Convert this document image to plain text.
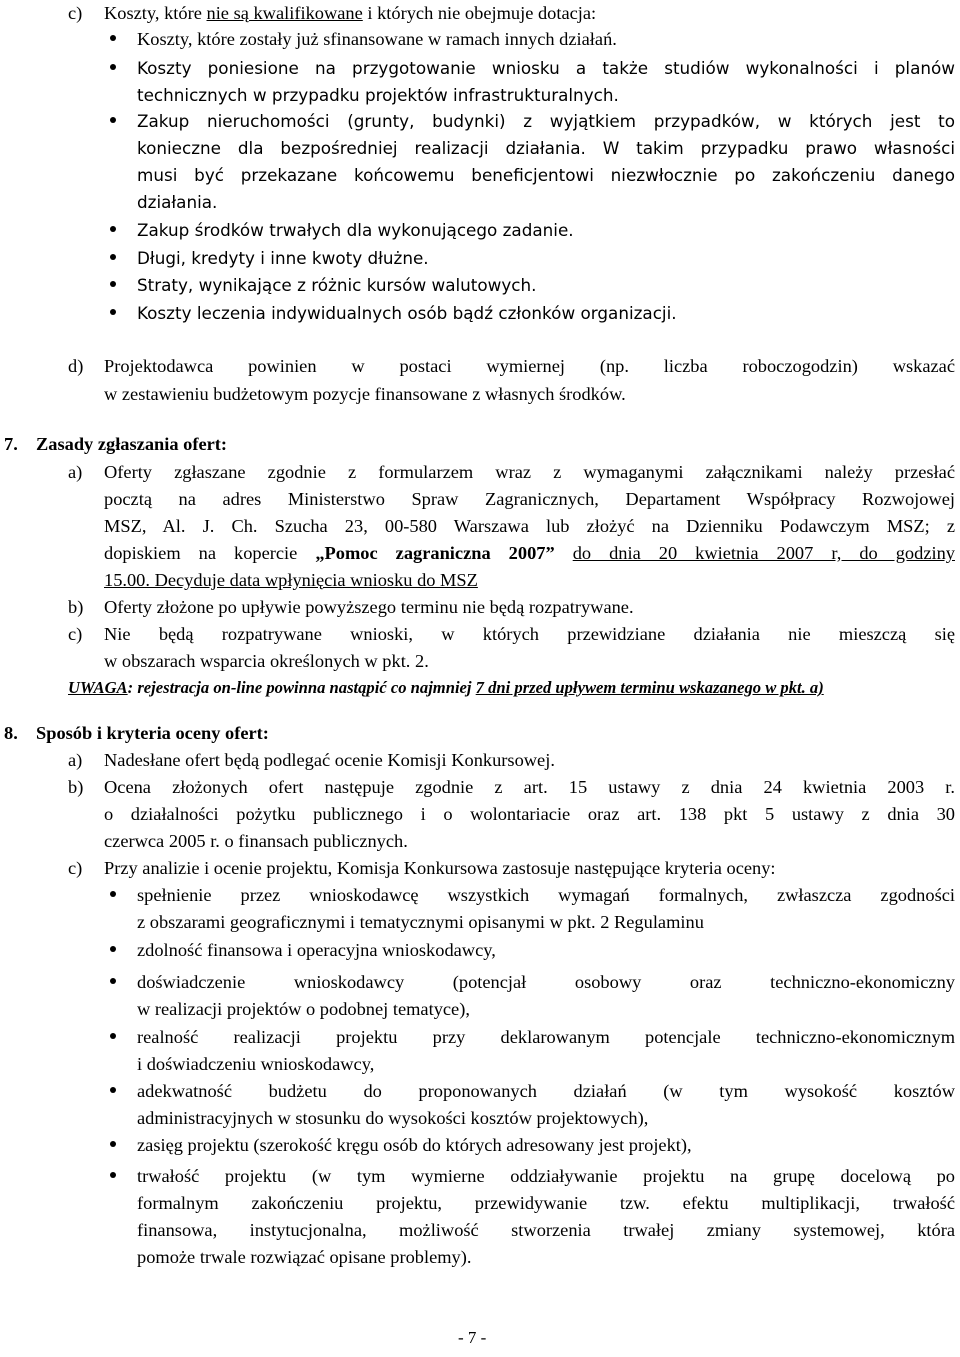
c) Koszty, które nie są kwalifikowane i których nie obejmuje dotacja:
Koszty, które zostały już sfinansowane w ramach innych działań.
Koszty poniesione na przygotowanie wniosku a także studiów wykonalności i planów
technicznych w przypadku projektów infrastrukturalnych.
Zakup nieruchomości (grunty, budynki) z wyjątkiem przypadków, w których jest to
konieczne dla bezpośredniej realizacji działania. W takim przypadku prawo własności
musi być przekazane końcowemu beneficjentowi niezwłocznie po zakończeniu danego
działania.
Zakup środków trwałych dla wykonującego zadanie.
Długi, kredyty i inne kwoty dłużne.
Straty, wynikające z różnic kursów walutowych.
Koszty leczenia indywidualnych osób bądź członków organizacji.
d) Projektodawca powinien w postaci wymiernej (np. liczba roboczogodzin) wskazać
w zestawieniu budżetowym pozycje finansowane z własnych środków.
7. Zasady zgłaszania ofert:
a) Oferty zgłaszane zgodnie z formularzem wraz z wymaganymi załącznikami należy przesłać
pocztą na adres Ministerstwo Spraw Zagranicznych, Departament Współpracy Rozwojowej
MSZ, Al. J. Ch. Szucha 23, 00-580 Warszawa lub złożyć na Dzienniku Podawczym MSZ; z
dopiskiem na kopercie „Pomoc zagraniczna 2007” do dnia 20 kwietnia 2007 r, do godziny
15.00. Decyduje data wpłynięcia wniosku do MSZ
b) Oferty złożone po upływie powyższego terminu nie będą rozpatrywane.
c) Nie będą rozpatrywane wnioski, w których przewidziane działania nie mieszczą się
w obszarach wsparcia określonych w pkt. 2.
UWAGA: rejestracja on-line powinna nastąpić co najmniej 7 dni przed upływem terminu wskazanego w pkt. a)
8. Sposób i kryteria oceny ofert:
a) Nadesłane ofert będą podlegać ocenie Komisji Konkursowej.
b) Ocena złożonych ofert następuje zgodnie z art. 15 ustawy z dnia 24 kwietnia 2003 r.
o działalności pożytku publicznego i o wolontariacie oraz art. 138 pkt 5 ustawy z dnia 30
czerwca 2005 r. o finansach publicznych.
c) Przy analizie i ocenie projektu, Komisja Konkursowa zastosuje następujące kryteria oceny:
spełnienie przez wnioskodawcę wszystkich wymagań formalnych, zwłaszcza zgodności
z obszarami geograficznymi i tematycznymi opisanymi w pkt. 2 Regulaminu
zdolność finansowa i operacyjna wnioskodawcy,
doświadczenie wnioskodawcy (potencjał osobowy oraz techniczno-ekonomiczny
w realizacji projektów o podobnej tematyce),
realność realizacji projektu przy deklarowanym potencjale techniczno-ekonomicznym
i doświadczeniu wnioskodawcy,
adekwatność budżetu do proponowanych działań (w tym wysokość kosztów
administracyjnych w stosunku do wysokości kosztów projektowych),
zasięg projektu (szerokość kręgu osób do których adresowany jest projekt),
trwałość projektu (w tym wymierne oddziaływanie projektu na grupę docelową po
formalnym zakończeniu projektu, przewidywanie tzw. efektu multiplikacji, trwałość
finansowa, instytucjonalna, możliwość stworzenia trwałej zmiany systemowej, która
pomoże trwale rozwiązać opisane problemy).
- 7 -
